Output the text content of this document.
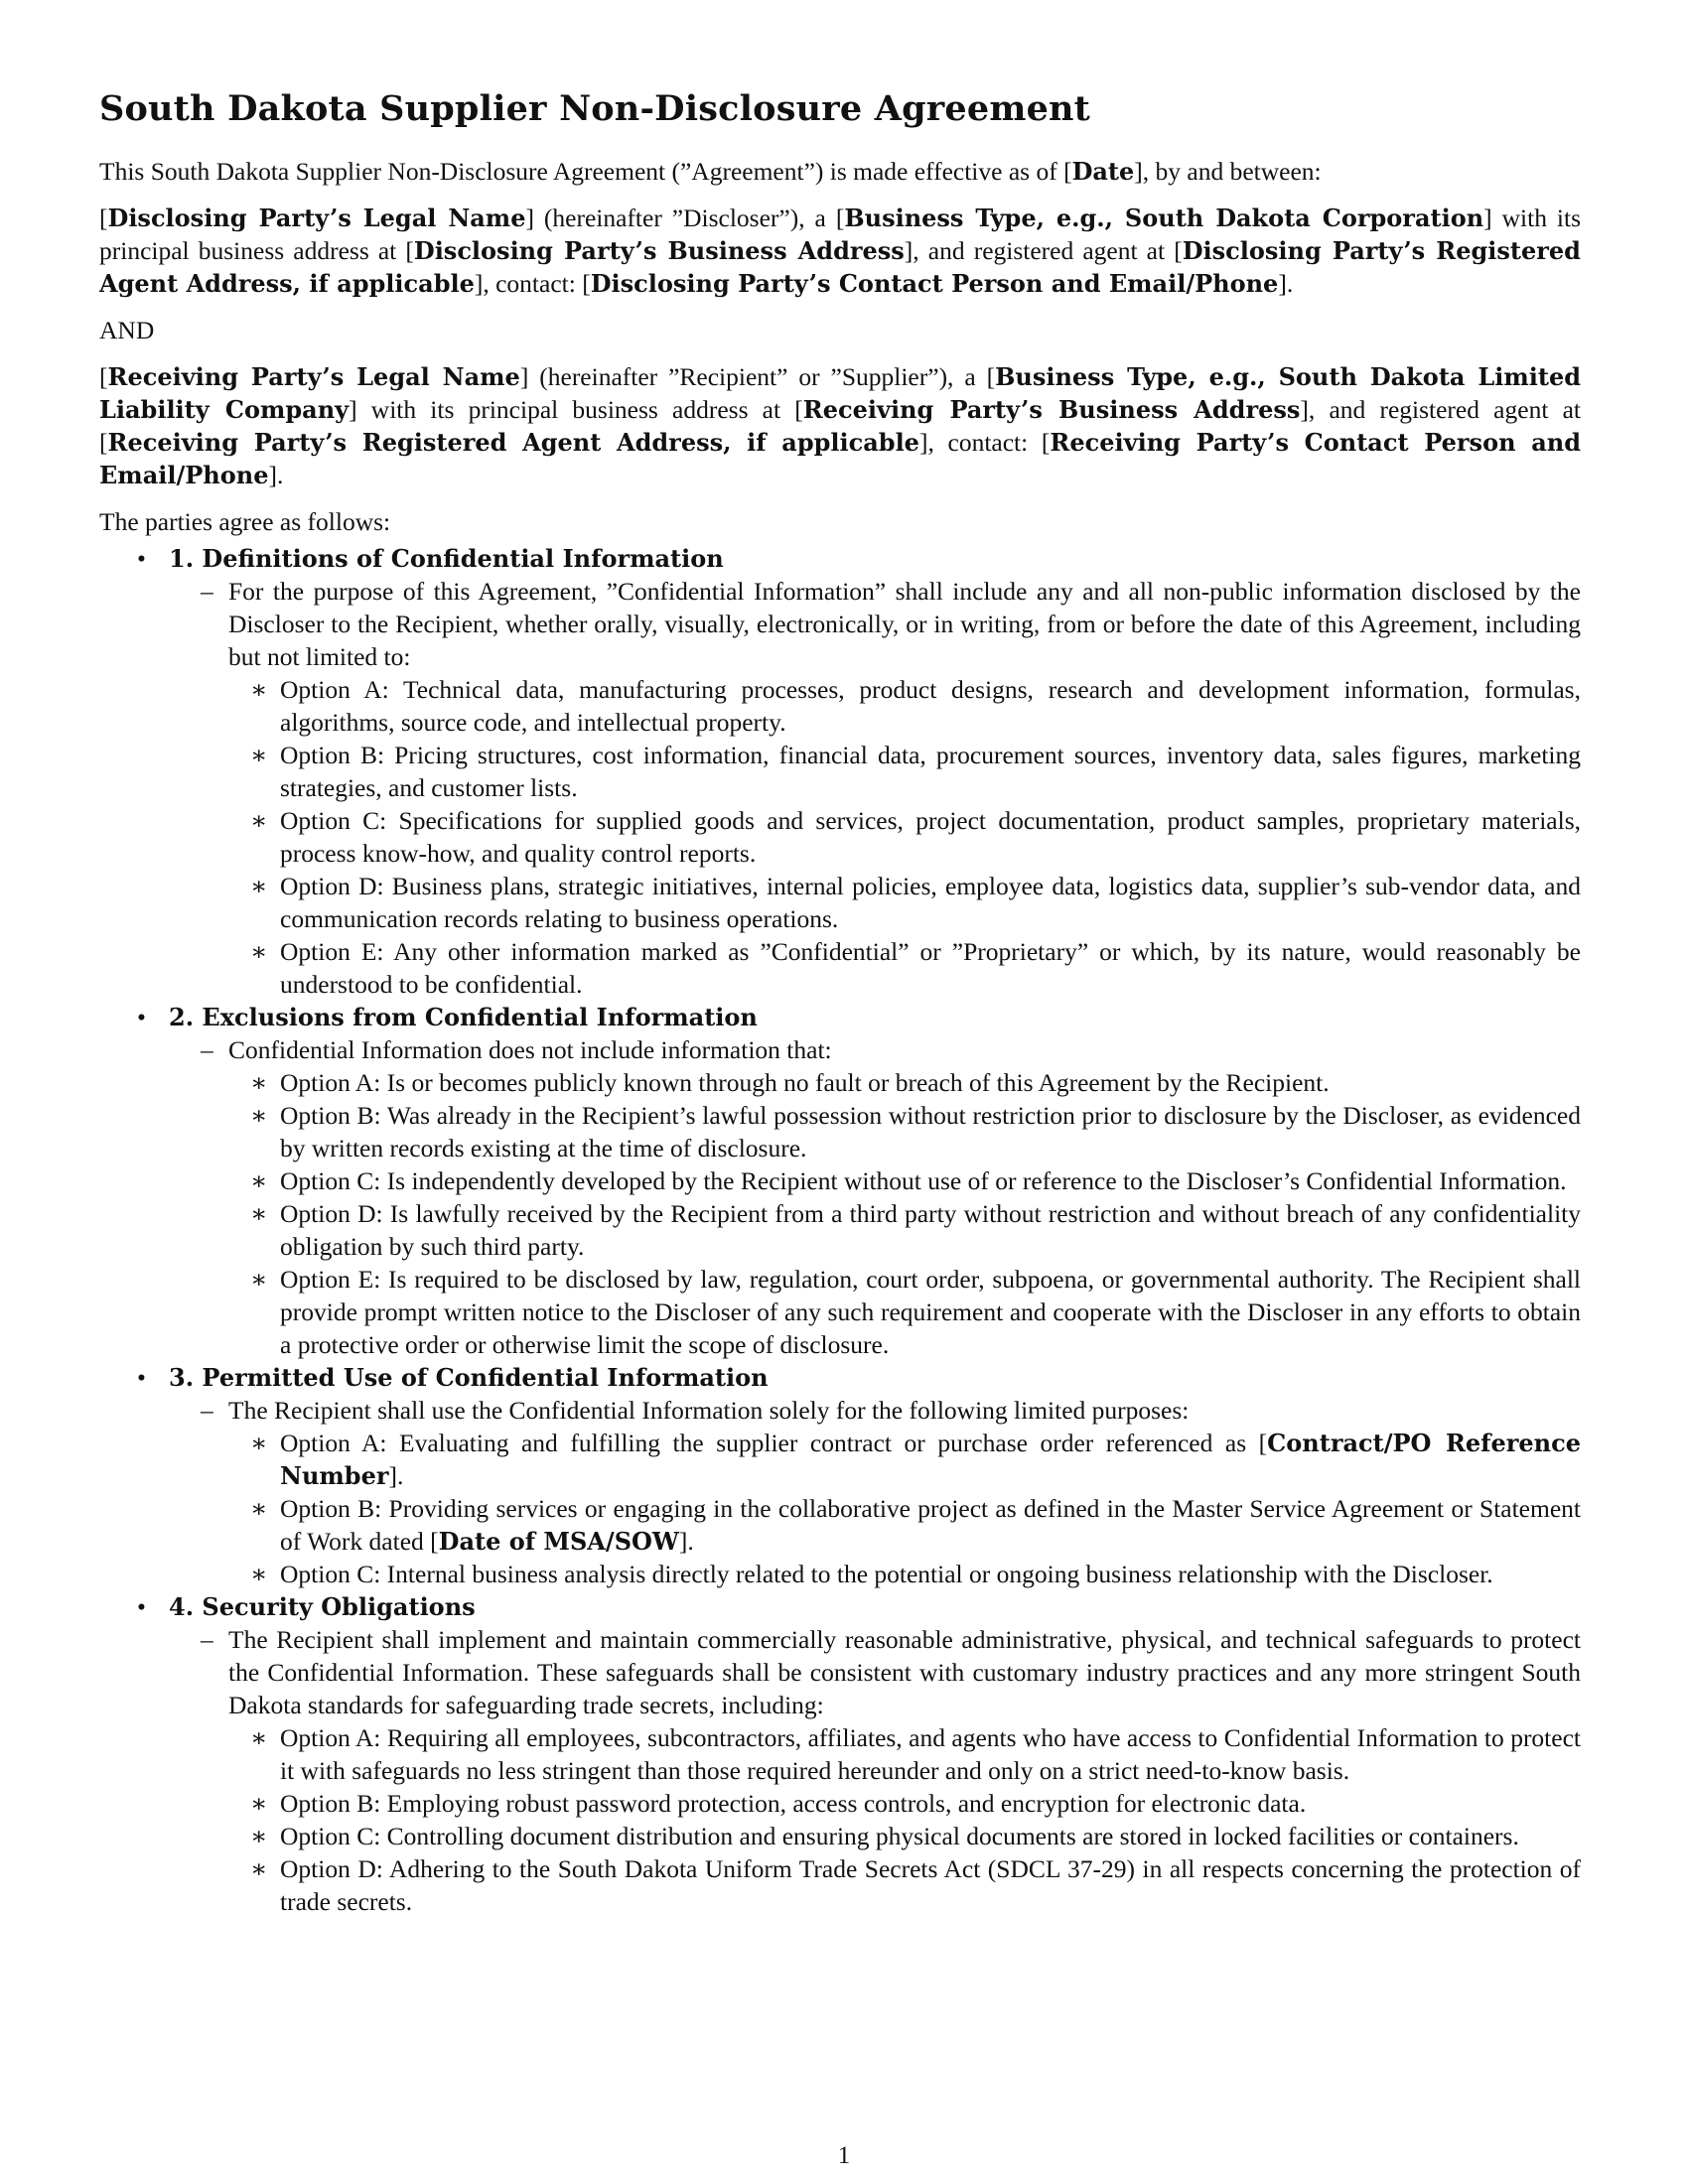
South Dakota Supplier Non-Disclosure Agreement

This South Dakota Supplier Non-Disclosure Agreement (”Agreement”) is made effective as of [Date], by and between:

[Disclosing Party’s Legal Name] (hereinafter ”Discloser”), a [Business Type, e.g., South Dakota Corporation] with its principal business address at [Disclosing Party’s Business Address], and registered agent at [Disclosing Party’s Registered Agent Address, if applicable], contact: [Disclosing Party’s Contact Person and Email/Phone].

AND

[Receiving Party’s Legal Name] (hereinafter ”Recipient” or ”Supplier”), a [Business Type, e.g., South Dakota Limited Liability Company] with its principal business address at [Receiving Party’s Business Address], and registered agent at [Receiving Party’s Registered Agent Address, if applicable], contact: [Receiving Party’s Contact Person and Email/Phone].

The parties agree as follows:

• 1. Definitions of Confidential Information
– For the purpose of this Agreement, ”Confidential Information” shall include any and all non-public information disclosed by the Discloser to the Recipient, whether orally, visually, electronically, or in writing, from or before the date of this Agreement, including but not limited to:
∗ Option A: Technical data, manufacturing processes, product designs, research and development information, formulas, algorithms, source code, and intellectual property.
∗ Option B: Pricing structures, cost information, financial data, procurement sources, inventory data, sales figures, marketing strategies, and customer lists.
∗ Option C: Specifications for supplied goods and services, project documentation, product samples, proprietary materials, process know-how, and quality control reports.
∗ Option D: Business plans, strategic initiatives, internal policies, employee data, logistics data, supplier’s sub-vendor data, and communication records relating to business operations.
∗ Option E: Any other information marked as ”Confidential” or ”Proprietary” or which, by its nature, would reasonably be understood to be confidential.
• 2. Exclusions from Confidential Information
– Confidential Information does not include information that:
∗ Option A: Is or becomes publicly known through no fault or breach of this Agreement by the Recipient.
∗ Option B: Was already in the Recipient’s lawful possession without restriction prior to disclosure by the Discloser, as evidenced by written records existing at the time of disclosure.
∗ Option C: Is independently developed by the Recipient without use of or reference to the Discloser’s Confidential Information.
∗ Option D: Is lawfully received by the Recipient from a third party without restriction and without breach of any confidentiality obligation by such third party.
∗ Option E: Is required to be disclosed by law, regulation, court order, subpoena, or governmental authority. The Recipient shall provide prompt written notice to the Discloser of any such requirement and cooperate with the Discloser in any efforts to obtain a protective order or otherwise limit the scope of disclosure.
• 3. Permitted Use of Confidential Information
– The Recipient shall use the Confidential Information solely for the following limited purposes:
∗ Option A: Evaluating and fulfilling the supplier contract or purchase order referenced as [Contract/PO Reference Number].
∗ Option B: Providing services or engaging in the collaborative project as defined in the Master Service Agreement or Statement of Work dated [Date of MSA/SOW].
∗ Option C: Internal business analysis directly related to the potential or ongoing business relationship with the Discloser.
• 4. Security Obligations
– The Recipient shall implement and maintain commercially reasonable administrative, physical, and technical safeguards to protect the Confidential Information. These safeguards shall be consistent with customary industry practices and any more stringent South Dakota standards for safeguarding trade secrets, including:
∗ Option A: Requiring all employees, subcontractors, affiliates, and agents who have access to Confidential Information to protect it with safeguards no less stringent than those required hereunder and only on a strict need-to-know basis.
∗ Option B: Employing robust password protection, access controls, and encryption for electronic data.
∗ Option C: Controlling document distribution and ensuring physical documents are stored in locked facilities or containers.
∗ Option D: Adhering to the South Dakota Uniform Trade Secrets Act (SDCL 37-29) in all respects concerning the protection of trade secrets.
1
